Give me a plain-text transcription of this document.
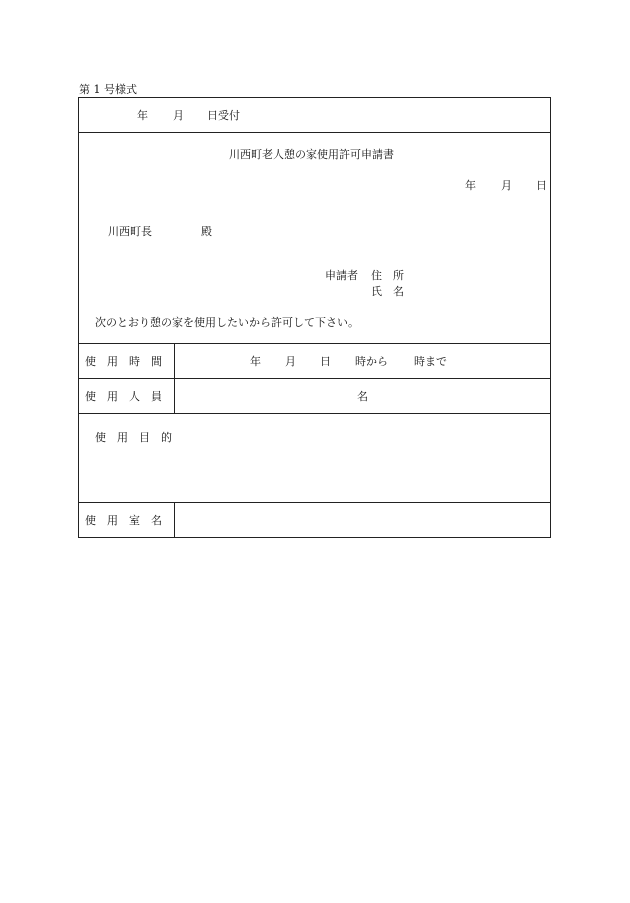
第 1 号様式
年 月 日受付
川西町老人憩の家使用許可申請書
年 月 日
川西町長	殿
申請者 住　所
氏　名
次のとおり憩の家を使用したいから許可して下さい。
使　用　時　間	年 月 日 時から 時まで
使　用　人　員	名
使　用　目　的
使　用　室　名
